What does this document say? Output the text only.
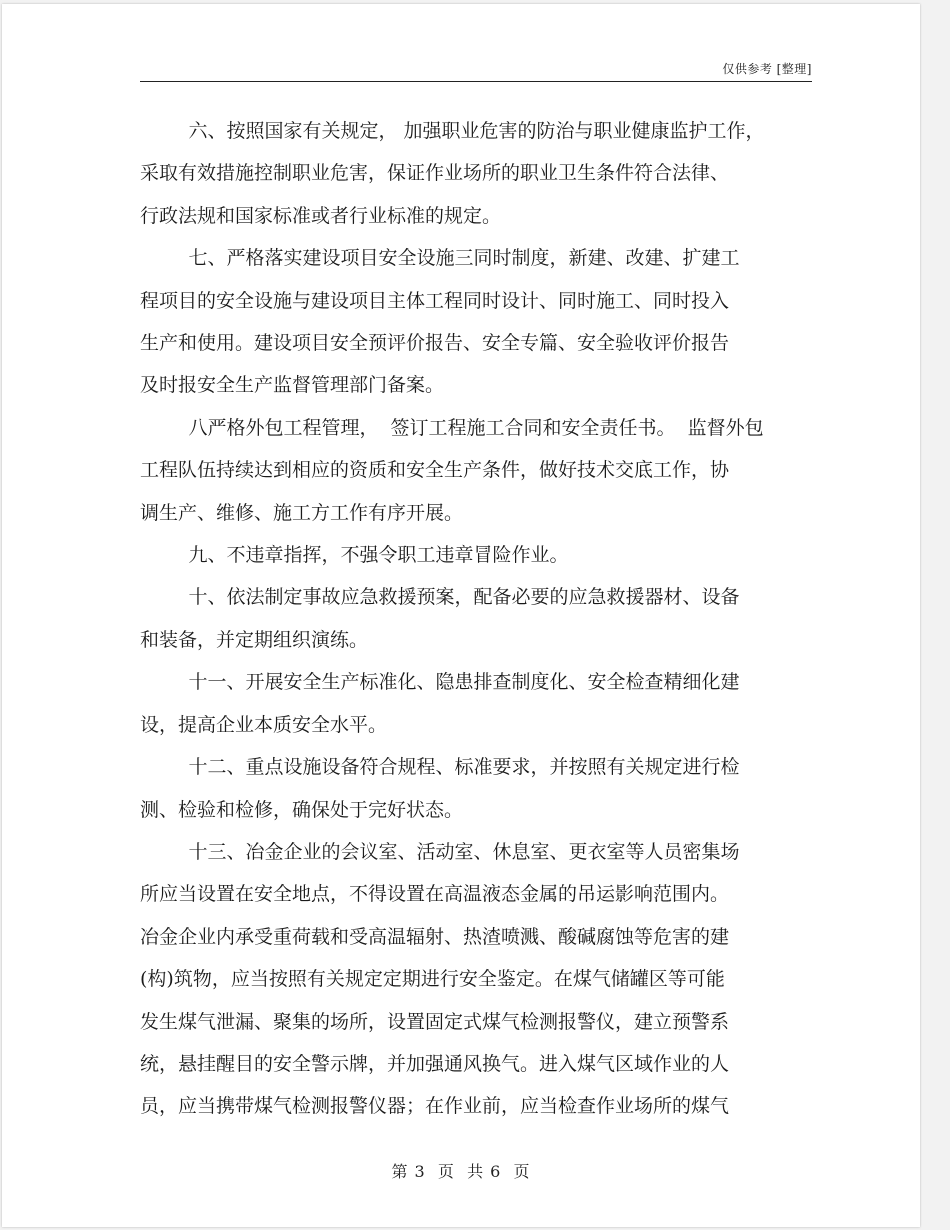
仅供参考 [整理]

六、按照国家有关规定， 加强职业危害的防治与职业健康监护工作，
采取有效措施控制职业危害，保证作业场所的职业卫生条件符合法律、
行政法规和国家标准或者行业标准的规定。

七、严格落实建设项目安全设施三同时制度，新建、改建、扩建工
程项目的安全设施与建设项目主体工程同时设计、同时施工、同时投入
生产和使用。建设项目安全预评价报告、安全专篇、安全验收评价报告
及时报安全生产监督管理部门备案。

八严格外包工程管理，  签订工程施工合同和安全责任书。  监督外包
工程队伍持续达到相应的资质和安全生产条件，做好技术交底工作，协
调生产、维修、施工方工作有序开展。

九、不违章指挥，不强令职工违章冒险作业。

十、依法制定事故应急救援预案，配备必要的应急救援器材、设备
和装备，并定期组织演练。

十一、开展安全生产标准化、隐患排查制度化、安全检查精细化建
设，提高企业本质安全水平。

十二、重点设施设备符合规程、标准要求，并按照有关规定进行检
测、检验和检修，确保处于完好状态。

十三、冶金企业的会议室、活动室、休息室、更衣室等人员密集场
所应当设置在安全地点，不得设置在高温液态金属的吊运影响范围内。
冶金企业内承受重荷载和受高温辐射、热渣喷溅、酸碱腐蚀等危害的建
(构)筑物，应当按照有关规定定期进行安全鉴定。在煤气储罐区等可能
发生煤气泄漏、聚集的场所，设置固定式煤气检测报警仪，建立预警系
统，悬挂醒目的安全警示牌，并加强通风换气。进入煤气区域作业的人
员，应当携带煤气检测报警仪器；在作业前，应当检查作业场所的煤气

第 3  页  共 6  页
